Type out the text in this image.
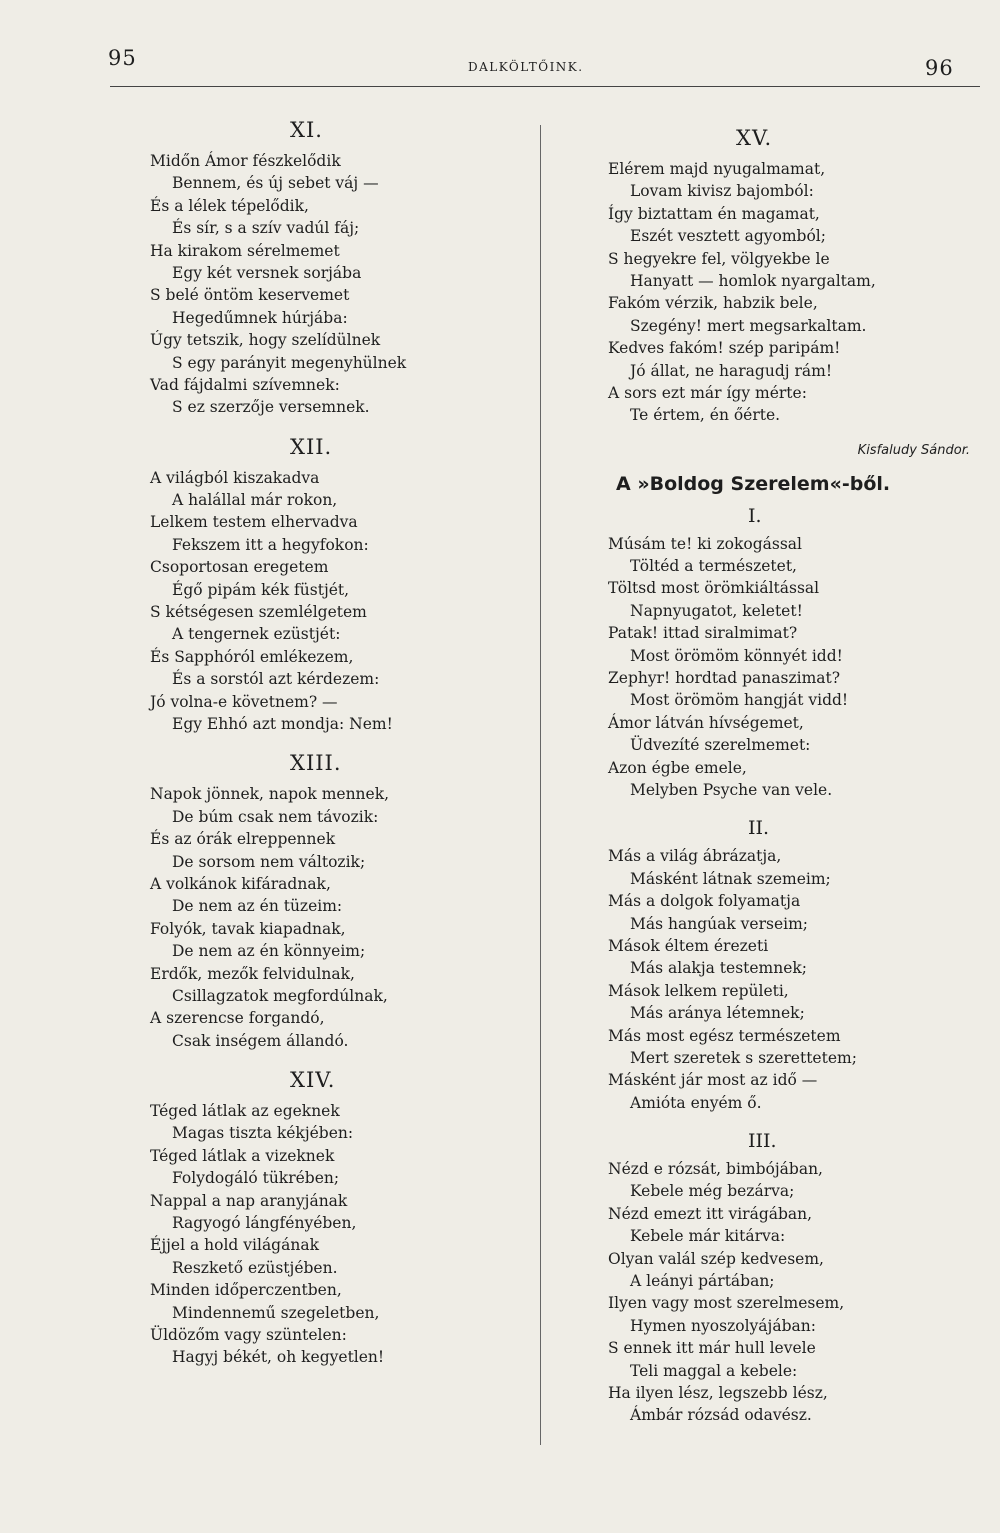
95	DALKÖLTŐINK.	96
XI.
Midőn Ámor fészkelődik
Bennem, és új sebet váj —
És a lélek tépelődik,
És sír, s a szív vadúl fáj;
Ha kirakom sérelmemet
Egy két versnek sorjába
S belé öntöm keservemet
Hegedűmnek húrjába:
Úgy tetszik, hogy szelídülnek
S egy parányit megenyhülnek
Vad fájdalmi szívemnek:
S ez szerzője versemnek.
XII.
A világból kiszakadva
A halállal már rokon,
Lelkem testem elhervadva
Fekszem itt a hegyfokon:
Csoportosan eregetem
Égő pipám kék füstjét,
S kétségesen szemlélgetem
A tengernek ezüstjét:
És Sapphóról emlékezem,
És a sorstól azt kérdezem:
Jó volna-e követnem? —
Egy Ehhó azt mondja: Nem!
XIII.
Napok jönnek, napok mennek,
De búm csak nem távozik:
És az órák elreppennek
De sorsom nem változik;
A volkánok kifáradnak,
De nem az én tüzeim:
Folyók, tavak kiapadnak,
De nem az én könnyeim;
Erdők, mezők felvidulnak,
Csillagzatok megfordúlnak,
A szerencse forgandó,
Csak inségem állandó.
XIV.
Téged látlak az egeknek
Magas tiszta kékjében:
Téged látlak a vizeknek
Folydogáló tükrében;
Nappal a nap aranyjának
Ragyogó lángfényében,
Éjjel a hold világának
Reszkető ezüstjében.
Minden időperczentben,
Mindennemű szegeletben,
Üldözőm vagy szüntelen:
Hagyj békét, oh kegyetlen!
XV.
Elérem majd nyugalmamat,
Lovam kivisz bajomból:
Így biztattam én magamat,
Eszét vesztett agyomból;
S hegyekre fel, völgyekbe le
Hanyatt — homlok nyargaltam,
Fakóm vérzik, habzik bele,
Szegény! mert megsarkaltam.
Kedves fakóm! szép paripám!
Jó állat, ne haragudj rám!
A sors ezt már így mérte:
Te értem, én őérte.
Kisfaludy Sándor.
A »Boldog Szerelem«-ből.
I.
Músám te! ki zokogással
Töltéd a természetet,
Töltsd most örömkiáltással
Napnyugatot, keletet!
Patak! ittad siralmimat?
Most örömöm könnyét idd!
Zephyr! hordtad panaszimat?
Most örömöm hangját vidd!
Ámor látván hívségemet,
Üdvezíté szerelmemet:
Azon égbe emele,
Melyben Psyche van vele.
II.
Más a világ ábrázatja,
Másként látnak szemeim;
Más a dolgok folyamatja
Más hangúak verseim;
Mások éltem érezeti
Más alakja testemnek;
Mások lelkem repületi,
Más aránya létemnek;
Más most egész természetem
Mert szeretek s szerettetem;
Másként jár most az idő —
Amióta enyém ő.
III.
Nézd e rózsát, bimbójában,
Kebele még bezárva;
Nézd emezt itt virágában,
Kebele már kitárva:
Olyan valál szép kedvesem,
A leányi pártában;
Ilyen vagy most szerelmesem,
Hymen nyoszolyájában:
S ennek itt már hull levele
Teli maggal a kebele:
Ha ilyen lész, legszebb lész,
Ámbár rózsád odavész.
